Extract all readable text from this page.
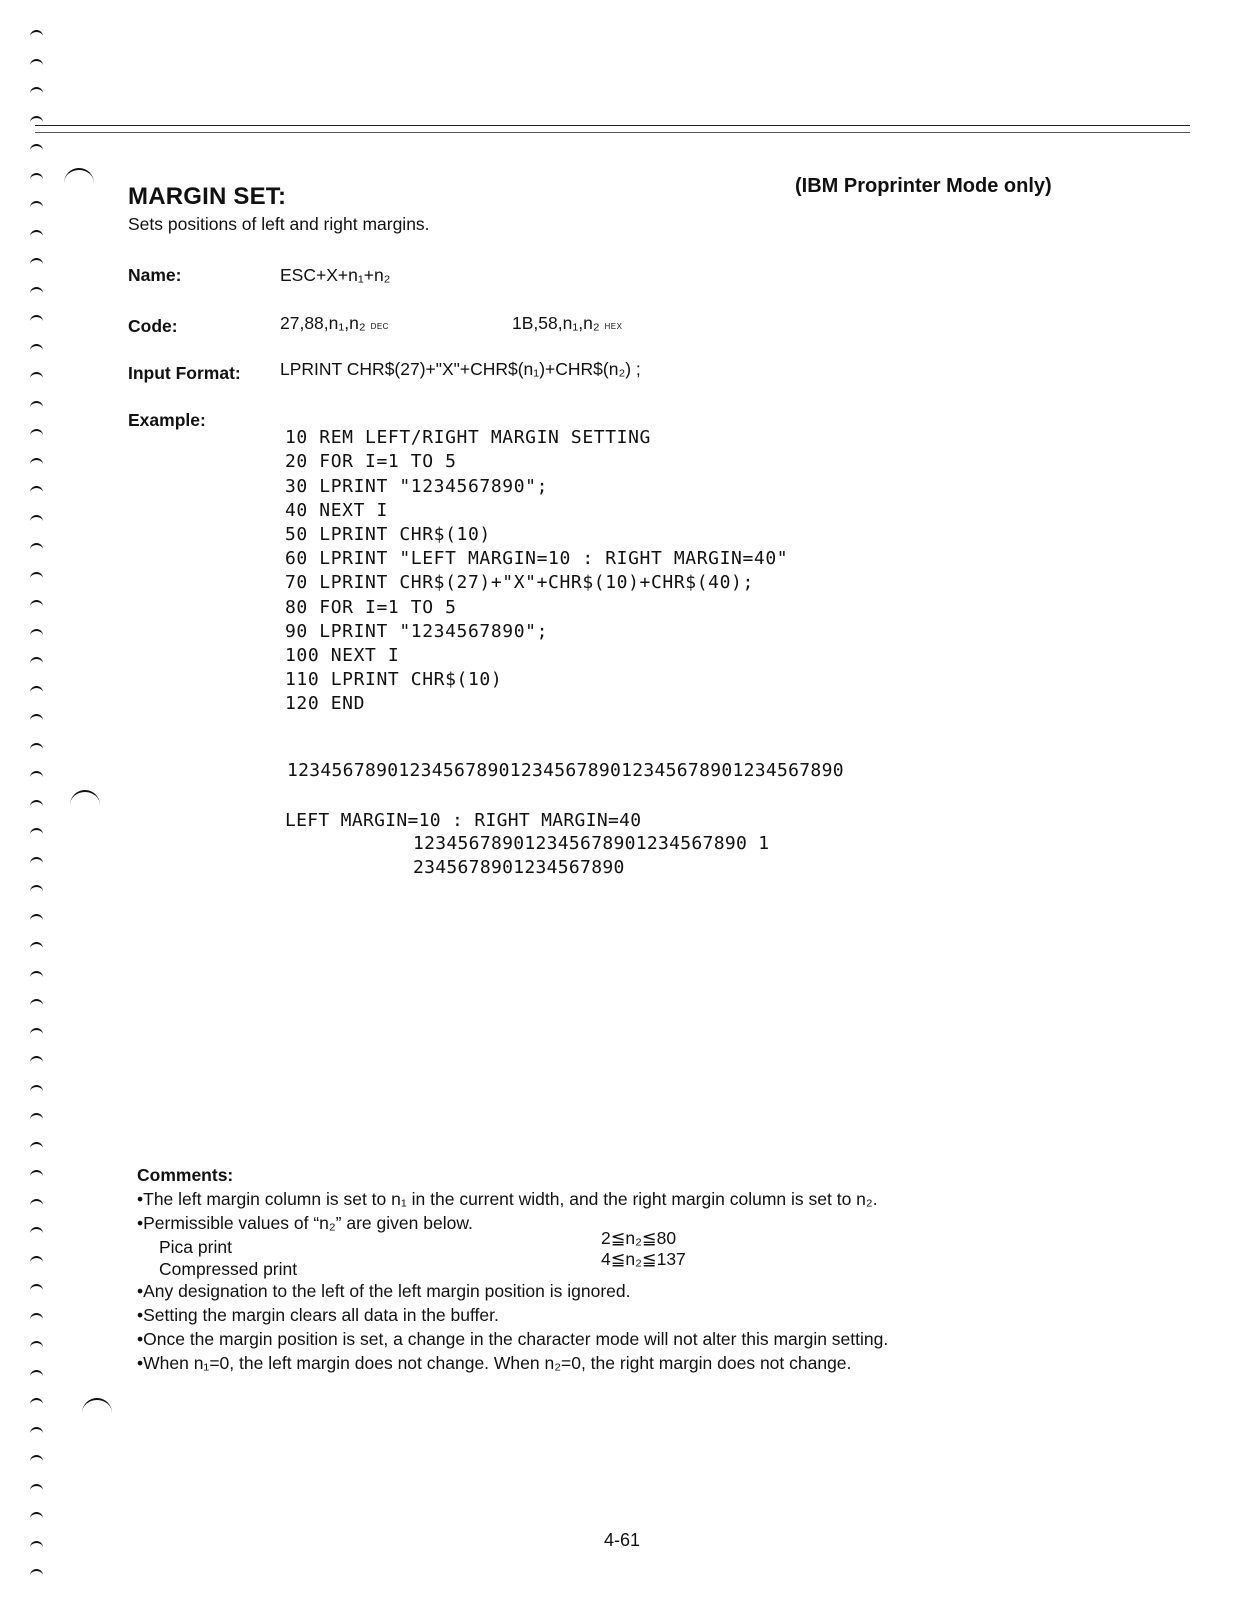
MARGIN SET:	(IBM Proprinter Mode only)
Sets positions of left and right margins.
Name:	ESC+X+n₁+n₂
Code:	27,88,n₁,n₂ DEC	1B,58,n₁,n₂ HEX
Input Format: LPRINT CHR$(27)+"X"+CHR$(n₁)+CHR$(n₂) ;
Example:

10 REM LEFT/RIGHT MARGIN SETTING
20 FOR I=1 TO 5
30 LPRINT "1234567890";
40 NEXT I
50 LPRINT CHR$(10)
60 LPRINT "LEFT MARGIN=10 : RIGHT MARGIN=40"
70 LPRINT CHR$(27)+"X"+CHR$(10)+CHR$(40);
80 FOR I=1 TO 5
90 LPRINT "1234567890";
100 NEXT I
110 LPRINT CHR$(10)
120 END

12345678901234567890123456789012345678901234567890
LEFT MARGIN=10 : RIGHT MARGIN=40
123456789012345678901234567890 1
2345678901234567890
Comments:
•The left margin column is set to n₁ in the current width, and the right margin column is set to n₂.
•Permissible values of “n₂” are given below.
Pica print	2≦n₂≦80
Compressed print	4≦n₂≦137
•Any designation to the left of the left margin position is ignored.
•Setting the margin clears all data in the buffer.
•Once the margin position is set, a change in the character mode will not alter this margin setting.
•When n₁=0, the left margin does not change. When n₂=0, the right margin does not change.
4-61
